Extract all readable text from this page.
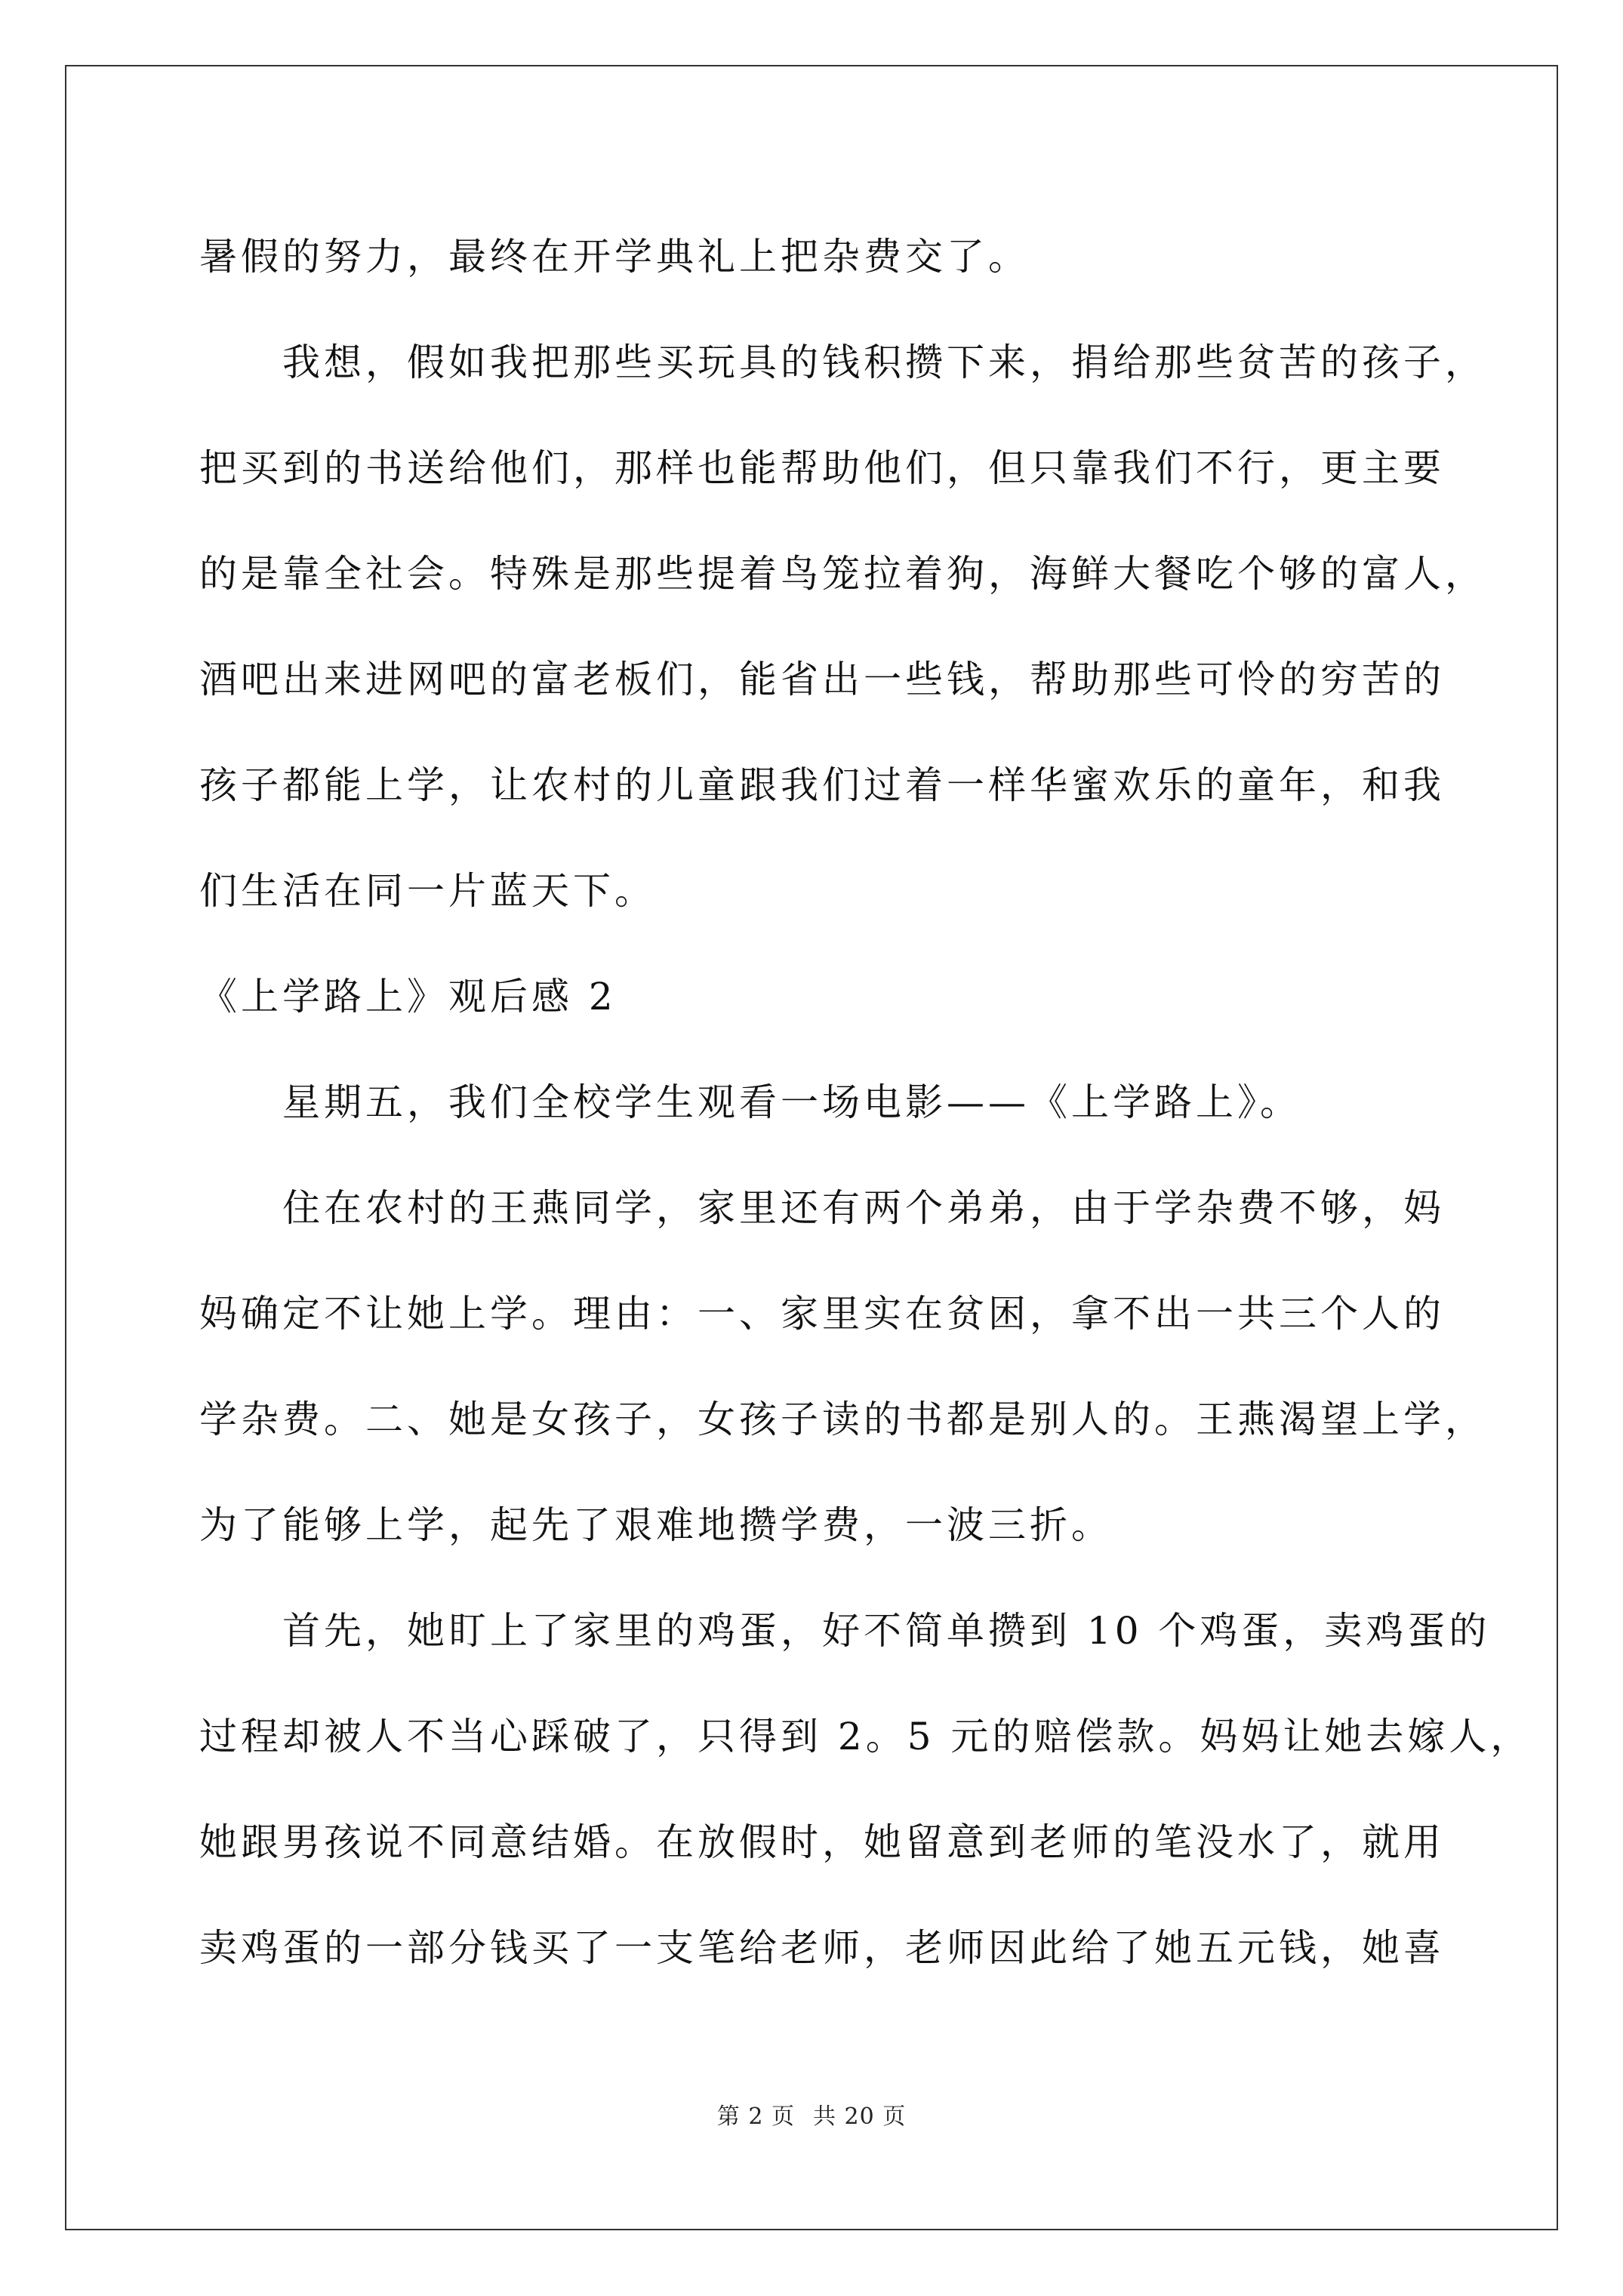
暑假的努力，最终在开学典礼上把杂费交了。
我想，假如我把那些买玩具的钱积攒下来，捐给那些贫苦的孩子，
把买到的书送给他们，那样也能帮助他们，但只靠我们不行，更主要
的是靠全社会。特殊是那些提着鸟笼拉着狗，海鲜大餐吃个够的富人，
酒吧出来进网吧的富老板们，能省出一些钱，帮助那些可怜的穷苦的
孩子都能上学，让农村的儿童跟我们过着一样华蜜欢乐的童年，和我
们生活在同一片蓝天下。
《上学路上》观后感 2
星期五，我们全校学生观看一场电影——《上学路上》。
住在农村的王燕同学，家里还有两个弟弟，由于学杂费不够，妈
妈确定不让她上学。理由：一、家里实在贫困，拿不出一共三个人的
学杂费。二、她是女孩子，女孩子读的书都是别人的。王燕渴望上学，
为了能够上学，起先了艰难地攒学费，一波三折。
首先，她盯上了家里的鸡蛋，好不简单攒到 10 个鸡蛋，卖鸡蛋的
过程却被人不当心踩破了，只得到 2。5 元的赔偿款。妈妈让她去嫁人，
她跟男孩说不同意结婚。在放假时，她留意到老师的笔没水了，就用
卖鸡蛋的一部分钱买了一支笔给老师，老师因此给了她五元钱，她喜
第 2 页 共 20 页
